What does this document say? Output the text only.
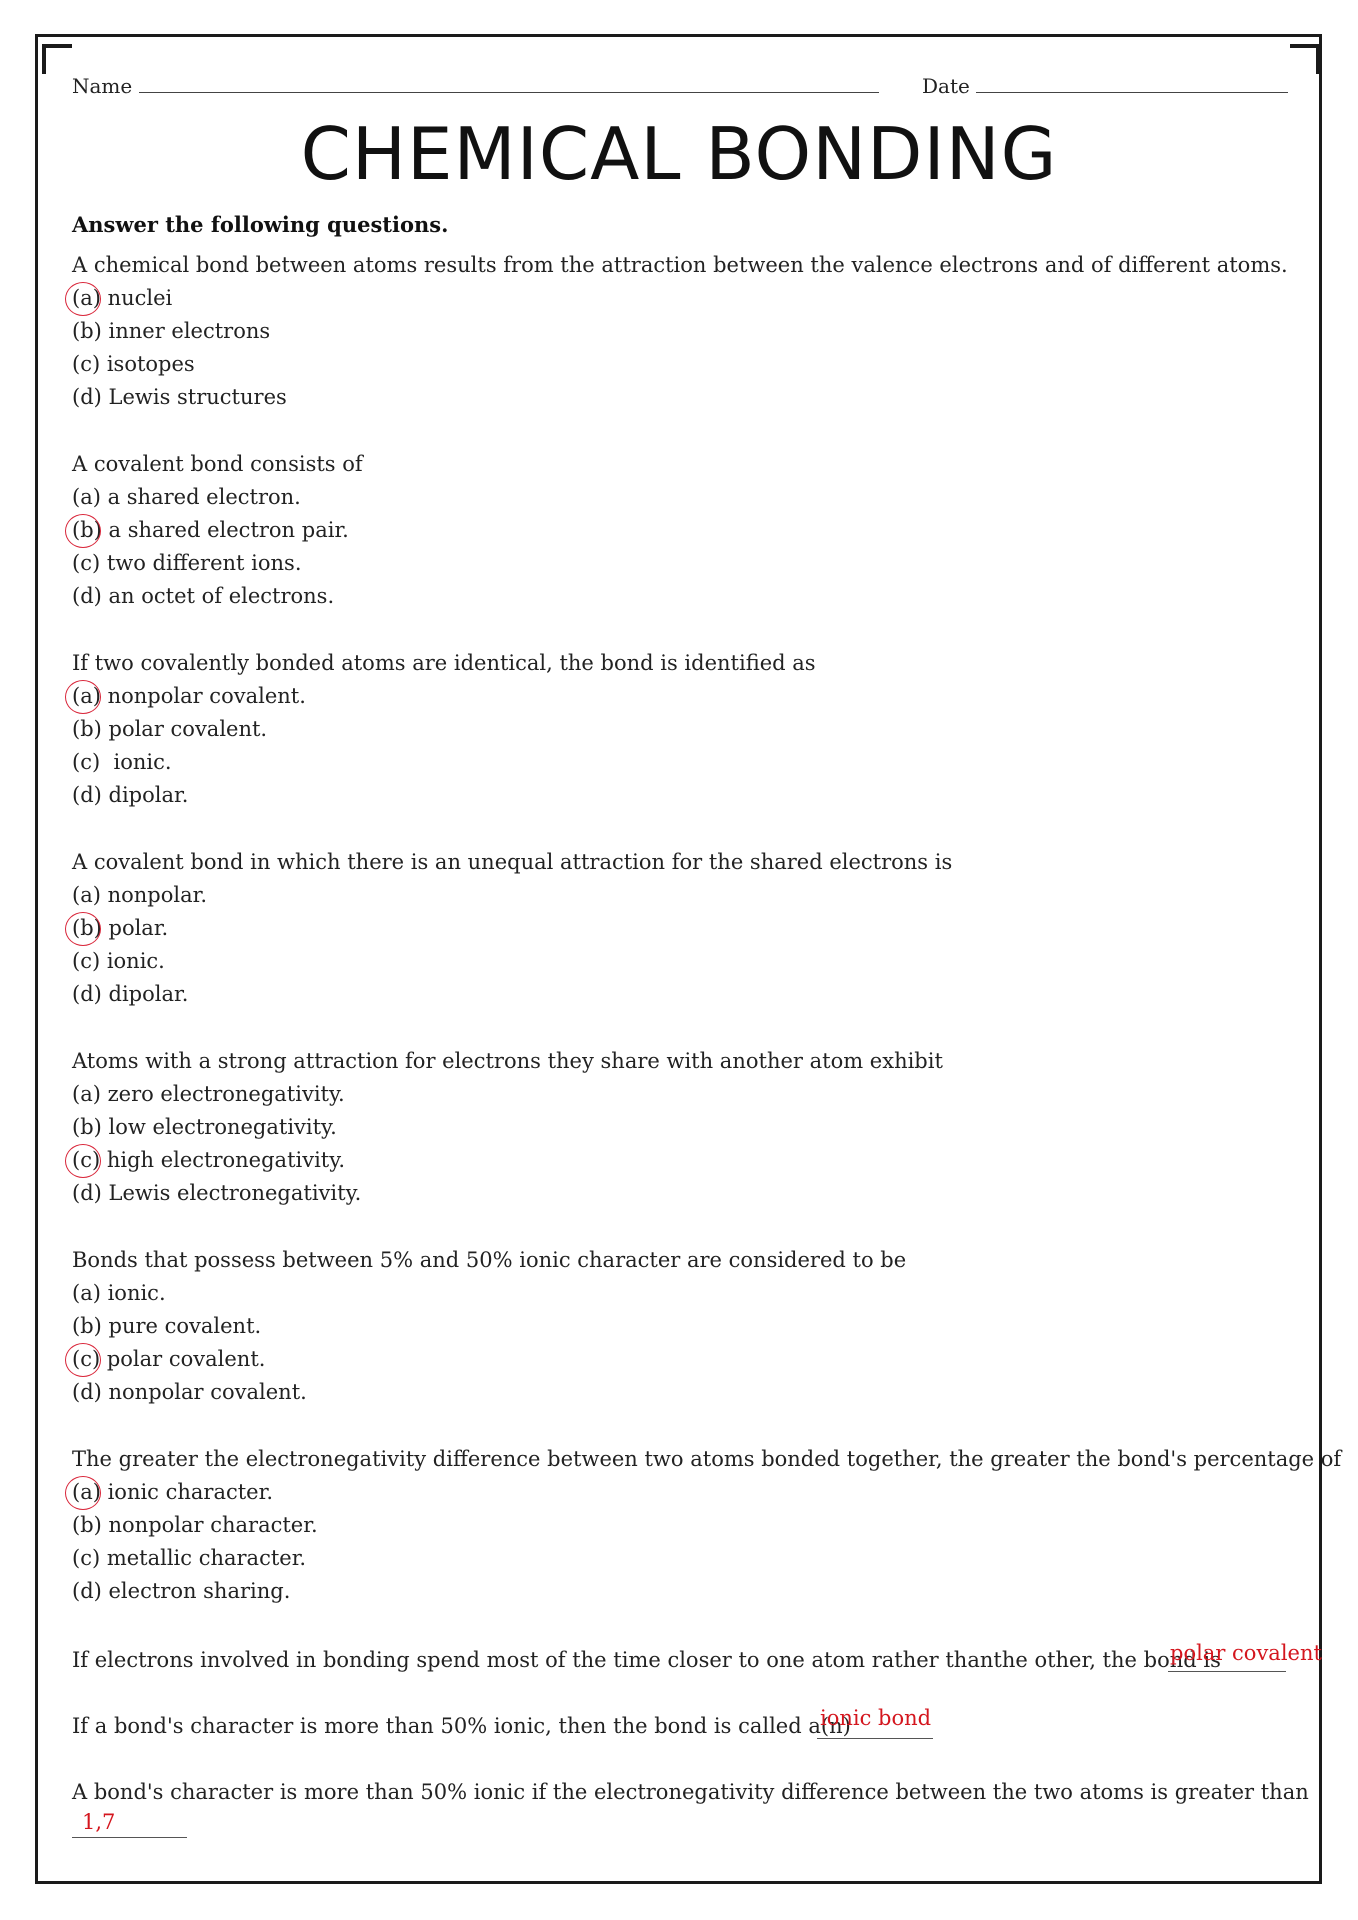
Name	Date
CHEMICAL BONDING
Answer the following questions.
A chemical bond between atoms results from the attraction between the valence electrons and of different atoms.
(a) nuclei
(b) inner electrons
(c) isotopes
(d) Lewis structures
A covalent bond consists of
(a) a shared electron.
(b) a shared electron pair.
(c) two different ions.
(d) an octet of electrons.
If two covalently bonded atoms are identical, the bond is identified as
(a) nonpolar covalent.
(b) polar covalent.
(c)  ionic.
(d) dipolar.
A covalent bond in which there is an unequal attraction for the shared electrons is
(a) nonpolar.
(b) polar.
(c) ionic.
(d) dipolar.
Atoms with a strong attraction for electrons they share with another atom exhibit
(a) zero electronegativity.
(b) low electronegativity.
(c) high electronegativity.
(d) Lewis electronegativity.
Bonds that possess between 5% and 50% ionic character are considered to be
(a) ionic.
(b) pure covalent.
(c) polar covalent.
(d) nonpolar covalent.
The greater the electronegativity difference between two atoms bonded together, the greater the bond's percentage of
(a) ionic character.
(b) nonpolar character.
(c) metallic character.
(d) electron sharing.
If electrons involved in bonding spend most of the time closer to one atom rather thanthe other, the bond is
polar covalent
If a bond's character is more than 50% ionic, then the bond is called a(n)
ionic bond
A bond's character is more than 50% ionic if the electronegativity difference between the two atoms is greater than
1,7
